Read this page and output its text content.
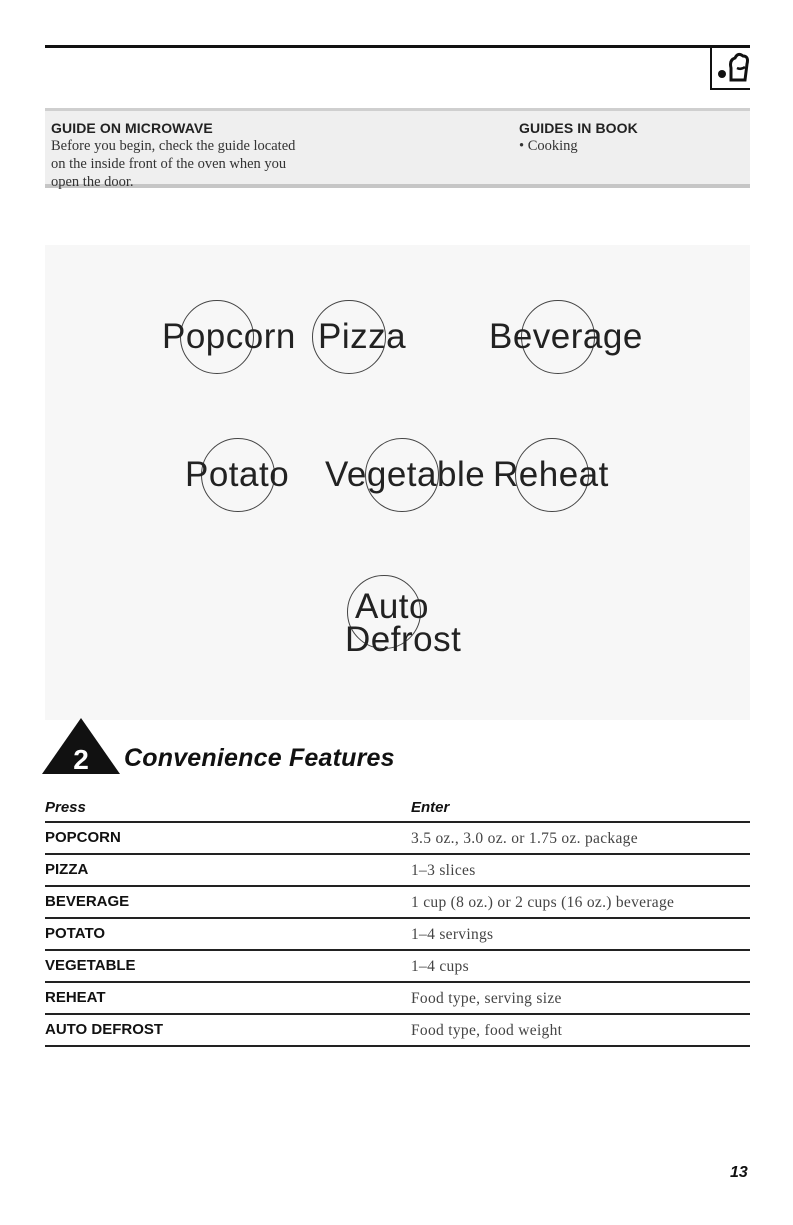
GUIDE ON MICROWAVE
Before you begin, check the guide located
on the inside front of the oven when you
open the door.
GUIDES IN BOOK
• Cooking
Popcorn Pizza Beverage
Potato Vegetable Reheat
Auto
Defrost
2 Convenience Features
Press	Enter
POPCORN	3.5 oz., 3.0 oz. or 1.75 oz. package
PIZZA	1–3 slices
BEVERAGE	1 cup (8 oz.) or 2 cups (16 oz.) beverage
POTATO	1–4 servings
VEGETABLE	1–4 cups
REHEAT	Food type, serving size
AUTO DEFROST	Food type, food weight
13
